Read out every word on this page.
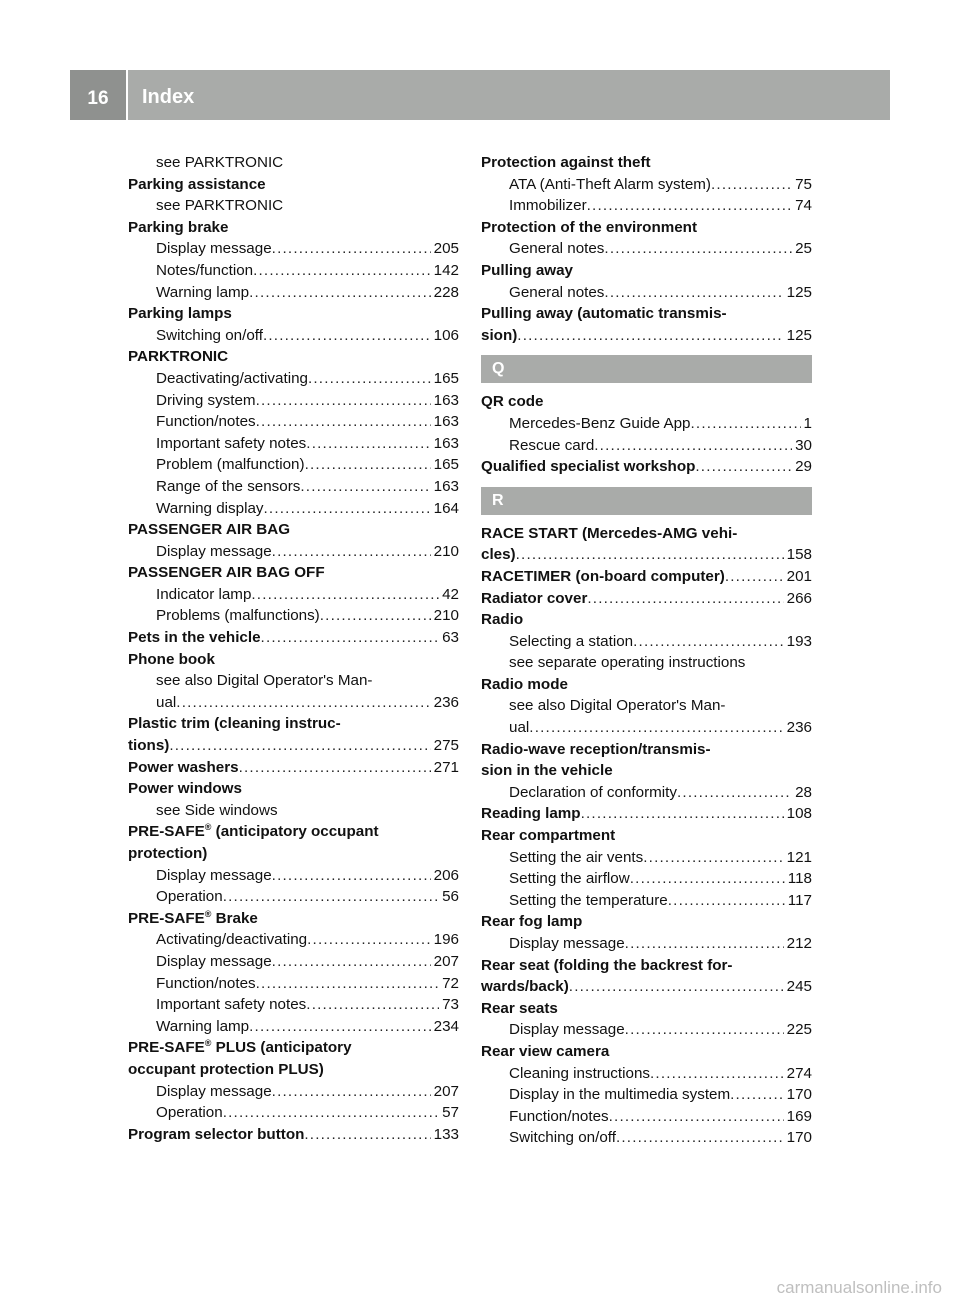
16	Index
see PARKTRONIC
Parking assistance
see PARKTRONIC
Parking brake
Display message .....	205
Notes/function .....	142
Warning lamp .....	228
Parking lamps
Switching on/off .....	106
PARKTRONIC
Deactivating/activating .....	165
Driving system .....	163
Function/notes .....	163
Important safety notes .....	163
Problem (malfunction) .....	165
Range of the sensors .....	163
Warning display .....	164
PASSENGER AIR BAG
Display message .....	210
PASSENGER AIR BAG OFF
Indicator lamp .....	42
Problems (malfunctions) .....	210
Pets in the vehicle .....	63
Phone book
see also Digital Operator's Man-
ual .....	236
Plastic trim (cleaning instruc-
tions) .....	275
Power washers .....	271
Power windows
see Side windows
PRE-SAFE® (anticipatory occupant
protection)
Display message .....	206
Operation .....	56
PRE-SAFE® Brake
Activating/deactivating .....	196
Display message .....	207
Function/notes .....	72
Important safety notes .....	73
Warning lamp .....	234
PRE-SAFE® PLUS (anticipatory
occupant protection PLUS)
Display message .....	207
Operation .....	57
Program selector button .....	133
Protection against theft
ATA (Anti-Theft Alarm system) .....	75
Immobilizer .....	74
Protection of the environment
General notes .....	25
Pulling away
General notes .....	125
Pulling away (automatic transmis-
sion) .....	125
Q
QR code
Mercedes-Benz Guide App .....	1
Rescue card .....	30
Qualified specialist workshop .....	29
R
RACE START (Mercedes-AMG vehi-
cles) .....	158
RACETIMER (on-board computer) .....	201
Radiator cover .....	266
Radio
Selecting a station .....	193
see separate operating instructions
Radio mode
see also Digital Operator's Man-
ual .....	236
Radio-wave reception/transmis-
sion in the vehicle
Declaration of conformity .....	28
Reading lamp .....	108
Rear compartment
Setting the air vents .....	121
Setting the airflow .....	118
Setting the temperature .....	117
Rear fog lamp
Display message .....	212
Rear seat (folding the backrest for-
wards/back) .....	245
Rear seats
Display message .....	225
Rear view camera
Cleaning instructions .....	274
Display in the multimedia system .....	170
Function/notes .....	169
Switching on/off .....	170
carmanualsonline.info
